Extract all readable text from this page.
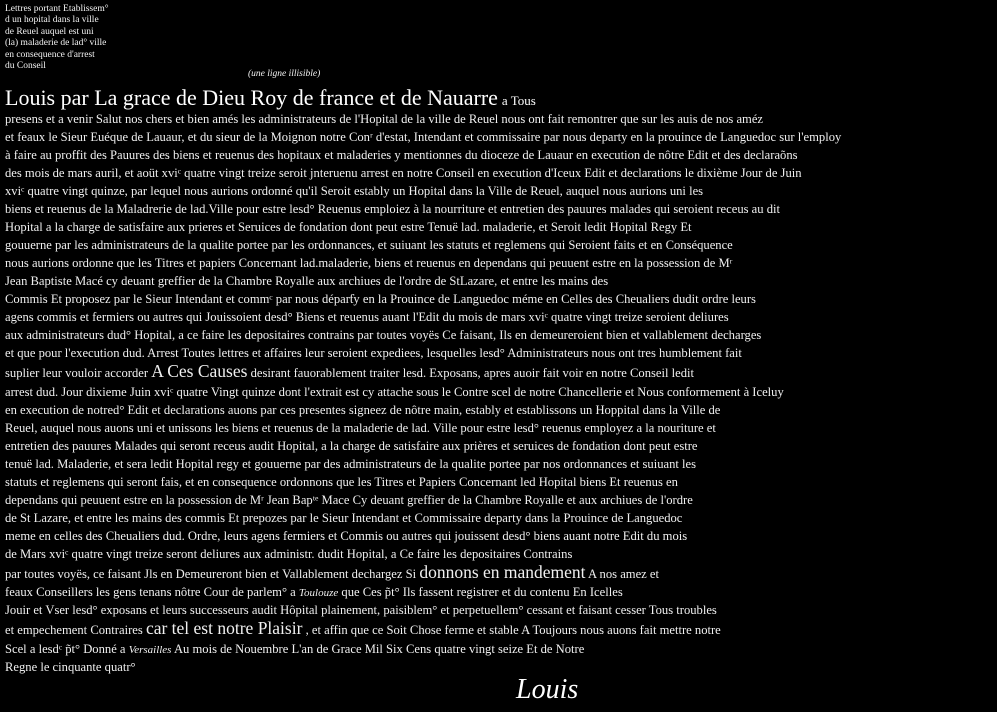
Lettres portant Etablissem°
d un hopital dans la ville
de Reuel auquel est uni
(la) maladerie de lad° ville
en consequence d'arrest
du Conseil
(une ligne illisible)
Louis par La grace de Dieu Roy de france et de Nauarre a Tous
presens et a venir Salut nos chers et bien amés les administrateurs de l'Hopital de la ville de Reuel nous ont fait remontrer que sur les auis de nos améz
et feaux le Sieur Euéque de Lauaur, et du sieur de la Moignon notre Conʳ d'estat, Intendant et commissaire par nous departy en la prouince de Languedoc sur l'employ
à faire au proffit des Pauures des biens et reuenus des hopitaux et maladeries y mentionnes du dioceze de Lauaur en execution de nôtre Edit et des declaraõns
des mois de mars auril, et aoüt xviᶜ quatre vingt treize seroit jnteruenu arrest en notre Conseil en execution d'Iceux Edit et declarations le dixième Jour de Juin
xviᶜ quatre vingt quinze, par lequel nous aurions ordonné qu'il Seroit estably un Hopital dans la Ville de Reuel, auquel nous aurions uni les
biens et reuenus de la Maladrerie de lad.Ville pour estre lesd° Reuenus emploiez à la nourriture et entretien des pauures malades qui seroient receus au dit
Hopital a la charge de satisfaire aux prieres et Seruices de fondation dont peut estre Tenuë lad. maladerie, et Seroit ledit Hopital Regy Et
gouuerne par les administrateurs de la qualite portee par les ordonnances, et suiuant les statuts et reglemens qui Seroient faits et en Conséquence
nous aurions ordonne que les Titres et papiers Concernant lad.maladerie, biens et reuenus en dependans qui peuuent estre en la possession de Mʳ
Jean Baptiste Macé cy deuant greffier de la Chambre Royalle aux archiues de l'ordre de StLazare, et entre les mains des
Commis Et proposez par le Sieur Intendant et commᶜ par nous déparƭy en la Prouince de Languedoc méme en Celles des Cheualiers dudit ordre leurs
agens commis et fermiers ou autres qui Jouissoient desd° Biens et reuenus auant l'Edit du mois de mars xviᶜ quatre vingt treize seroient deliures
aux administrateurs dud° Hopital, a ce faire les depositaires contrains par toutes voyës Ce faisant, Ils en demeureroient bien et vallablement decharges
et que pour l'execution dud. Arrest Toutes lettres et affaires leur seroient expediees, lesquelles lesd° Administrateurs nous ont tres humblement fait
suplier leur vouloir accorder A Ces Causes desirant fauorablement traiter lesd. Exposans, apres auoir fait voir en notre Conseil ledit
arrest dud. Jour dixieme Juin xviᶜ quatre Vingt quinze dont l'extrait est cy attache sous le Contre scel de notre Chancellerie et Nous conformement à Iceluy
en execution de notred° Edit et declarations auons par ces presentes signeez de nôtre main, estably et establissons un Hoppital dans la Ville de
Reuel, auquel nous auons uni et unissons les biens et reuenus de la maladerie de lad. Ville pour estre lesd° reuenus employez a la nouriture et
entretien des pauures Malades qui seront receus audit Hopital, a la charge de satisfaire aux prières et seruices de fondation dont peut estre
tenuë lad. Maladerie, et sera ledit Hopital regy et gouuerne par des administrateurs de la qualite portee par nos ordonnances et suiuant les
statuts et reglemens qui seront fais, et en consequence ordonnons que les Titres et Papiers Concernant led Hopital biens Et reuenus en
dependans qui peuuent estre en la possession de Mʳ Jean Bapᵗᵉ Mace Cy deuant greffier de la Chambre Royalle et aux archiues de l'ordre
de St Lazare, et entre les mains des commis Et prepozes par le Sieur Intendant et Commissaire departy dans la Prouince de Languedoc
meme en celles des Cheualiers dud. Ordre, leurs agens fermiers et Commis ou autres qui jouissent desd° biens auant notre Edit du mois
de Mars xviᶜ quatre vingt treize seront deliures aux administr. dudit Hopital, a Ce faire les depositaires Contrains
par toutes voyës, ce faisant Jls en Demeureront bien et Vallablement dechargez Si donnons en mandement A nos amez et
feaux Conseillers les gens tenans nôtre Cour de parlem° a Toulouze que Ces p̃t° Ils fassent registrer et du contenu En Icelles
Jouir et Vser lesd° exposans et leurs successeurs audit Hôpital plainement, paisiblem° et perpetuellem° cessant et faisant cesser Tous troubles
et empechement Contraires car tel est notre Plaisir , et affin que ce Soit Chose ferme et stable A Toujours nous auons fait mettre notre
Scel a lesdᶜ p̃t° Donné a Versailles Au mois de Nouembre L'an de Grace Mil Six Cens quatre vingt seize Et de Notre
Regne le cinquante quatr°
Louis
